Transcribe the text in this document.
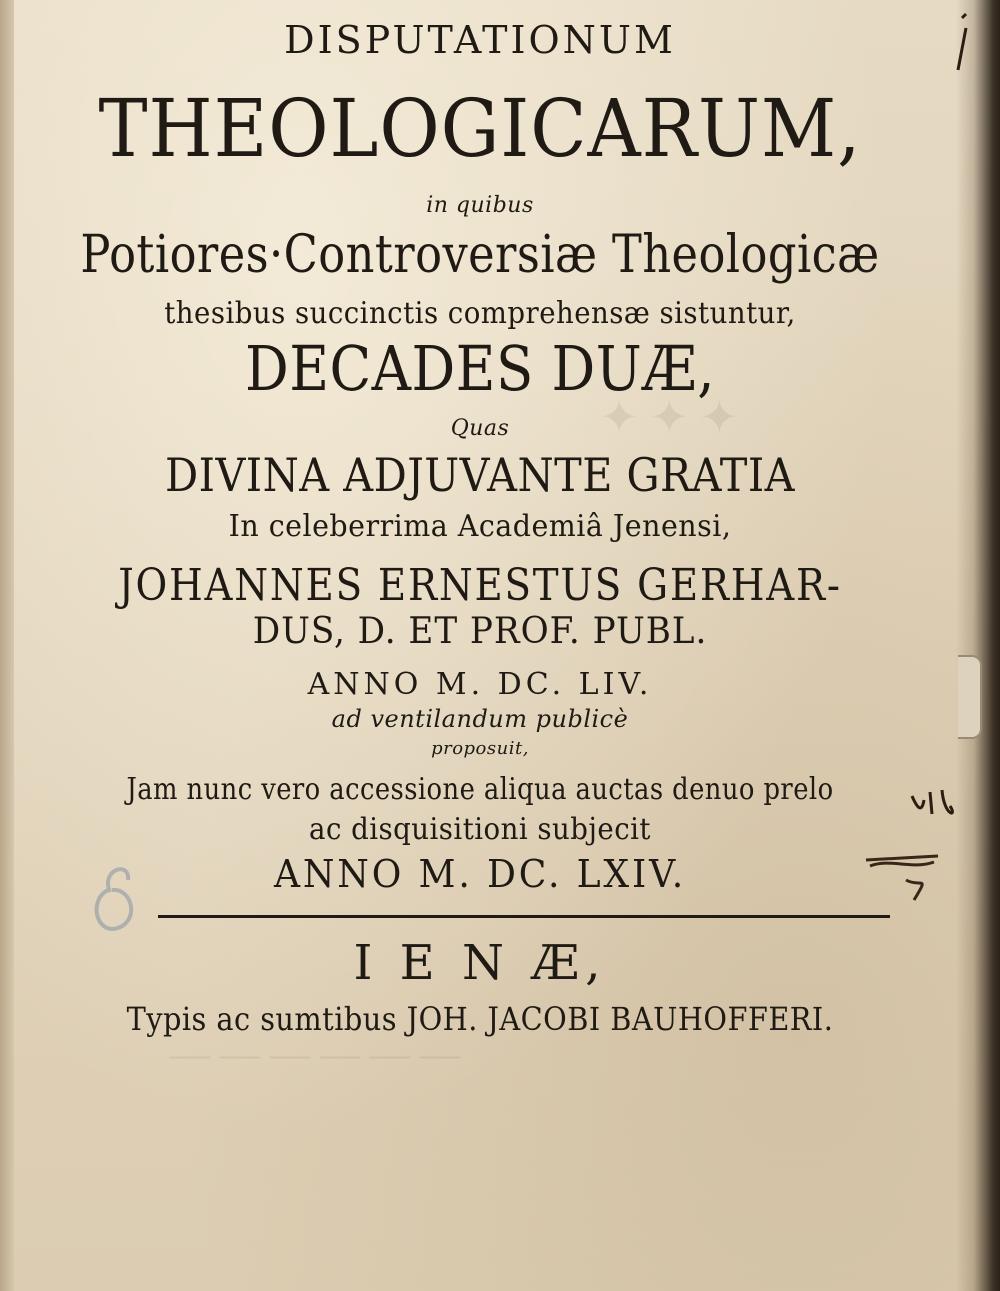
✦ ✦ ✦
— — — — — —
DISPUTATIONUM
THEOLOGICARUM,
in quibus
Potiores·Controversiæ Theologicæ
thesibus succinctis comprehensæ sistuntur,
DECADES DUÆ,
Quas
DIVINA ADJUVANTE GRATIA
In celeberrima Academiâ Jenensi,
JOHANNES ERNESTUS GERHAR-
DUS, D. ET PROF. PUBL.
ANNO M. DC. LIV.
ad ventilandum publicè
proposuit,
Jam nunc vero accessione aliqua auctas denuo prelo
ac disquisitioni subjecit
ANNO M. DC. LXIV.
I E N Æ,
Typis ac sumtibus JOH. JACOBI BAUHOFFERI.
